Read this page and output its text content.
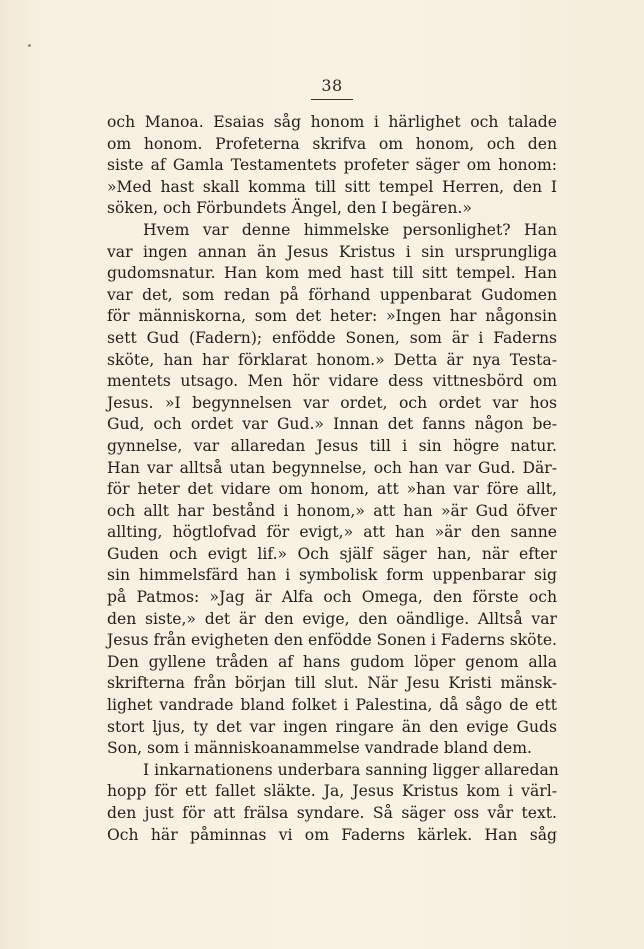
38
och Manoa. Esaias såg honom i härlighet och talade
om honom. Profeterna skrifva om honom, och den
siste af Gamla Testamentets profeter säger om honom:
»Med hast skall komma till sitt tempel Herren, den I
söken, och Förbundets Ängel, den I begären.»
Hvem var denne himmelske personlighet? Han
var ingen annan än Jesus Kristus i sin ursprungliga
gudomsnatur. Han kom med hast till sitt tempel. Han
var det, som redan på förhand uppenbarat Gudomen
för människorna, som det heter: »Ingen har någonsin
sett Gud (Fadern); enfödde Sonen, som är i Faderns
sköte, han har förklarat honom.» Detta är nya Testa-
mentets utsago. Men hör vidare dess vittnesbörd om
Jesus. »I begynnelsen var ordet, och ordet var hos
Gud, och ordet var Gud.» Innan det fanns någon be-
gynnelse, var allaredan Jesus till i sin högre natur.
Han var alltså utan begynnelse, och han var Gud. Där-
för heter det vidare om honom, att »han var före allt,
och allt har bestånd i honom,» att han »är Gud öfver
allting, högtlofvad för evigt,» att han »är den sanne
Guden och evigt lif.» Och själf säger han, när efter
sin himmelsfärd han i symbolisk form uppenbarar sig
på Patmos: »Jag är Alfa och Omega, den förste och
den siste,» det är den evige, den oändlige. Alltså var
Jesus från evigheten den enfödde Sonen i Faderns sköte.
Den gyllene tråden af hans gudom löper genom alla
skrifterna från början till slut. När Jesu Kristi mänsk-
lighet vandrade bland folket i Palestina, då sågo de ett
stort ljus, ty det var ingen ringare än den evige Guds
Son, som i människoanammelse vandrade bland dem.
I inkarnationens underbara sanning ligger allaredan
hopp för ett fallet släkte. Ja, Jesus Kristus kom i värl-
den just för att frälsa syndare. Så säger oss vår text.
Och här påminnas vi om Faderns kärlek. Han såg
